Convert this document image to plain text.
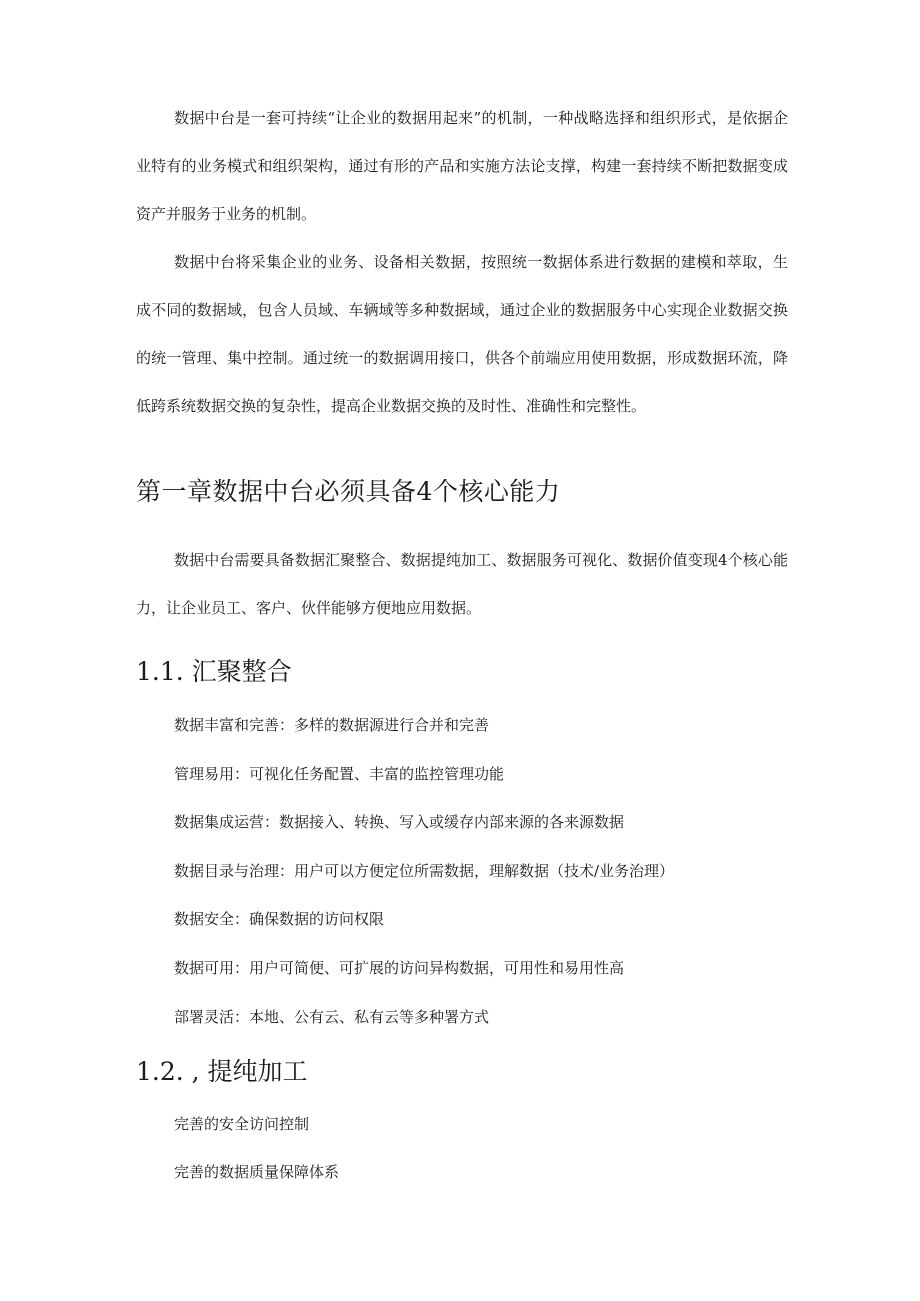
数据中台是一套可持续“让企业的数据用起来”的机制，一种战略选择和组织形式，是依据企业特有的业务模式和组织架构，通过有形的产品和实施方法论支撑，构建一套持续不断把数据变成资产并服务于业务的机制。

数据中台将采集企业的业务、设备相关数据，按照统一数据体系进行数据的建模和萃取，生成不同的数据域，包含人员域、车辆域等多种数据域，通过企业的数据服务中心实现企业数据交换的统一管理、集中控制。通过统一的数据调用接口，供各个前端应用使用数据，形成数据环流，降低跨系统数据交换的复杂性，提高企业数据交换的及时性、准确性和完整性。

第一章数据中台必须具备4个核心能力

数据中台需要具备数据汇聚整合、数据提纯加工、数据服务可视化、数据价值变现4个核心能力，让企业员工、客户、伙伴能够方便地应用数据。

1.1. 汇聚整合

数据丰富和完善：多样的数据源进行合并和完善

管理易用：可视化任务配置、丰富的监控管理功能

数据集成运营：数据接入、转换、写入或缓存内部来源的各来源数据

数据目录与治理：用户可以方便定位所需数据，理解数据（技术/业务治理）

数据安全：确保数据的访问权限

数据可用：用户可简便、可扩展的访问异构数据，可用性和易用性高

部署灵活：本地、公有云、私有云等多种署方式

1.2. , 提纯加工

完善的安全访问控制

完善的数据质量保障体系
